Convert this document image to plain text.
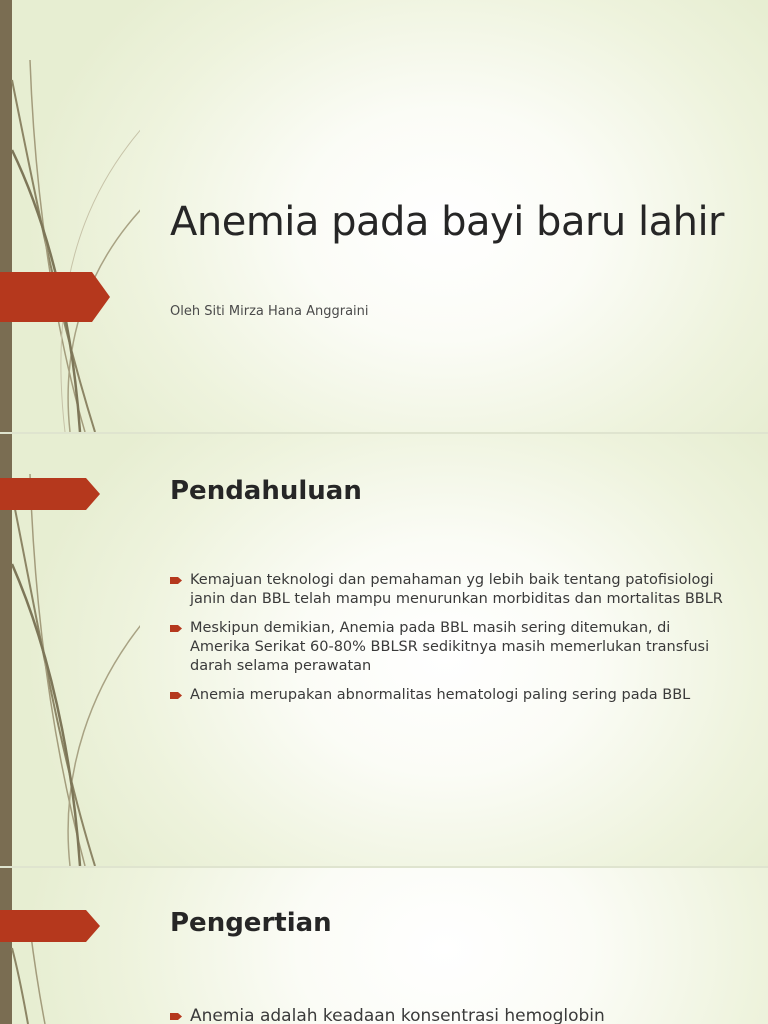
Anemia pada bayi baru lahir
Oleh Siti Mirza Hana Anggraini
Pendahuluan
Kemajuan teknologi dan pemahaman yg lebih baik tentang patofisiologi janin dan BBL telah mampu menurunkan morbiditas dan mortalitas BBLR
Meskipun demikian, Anemia pada BBL masih sering ditemukan, di Amerika Serikat 60-80% BBLSR sedikitnya masih memerlukan transfusi darah selama perawatan
Anemia merupakan abnormalitas hematologi paling sering pada BBL
Pengertian
Anemia adalah keadaan konsentrasi hemoglobin
